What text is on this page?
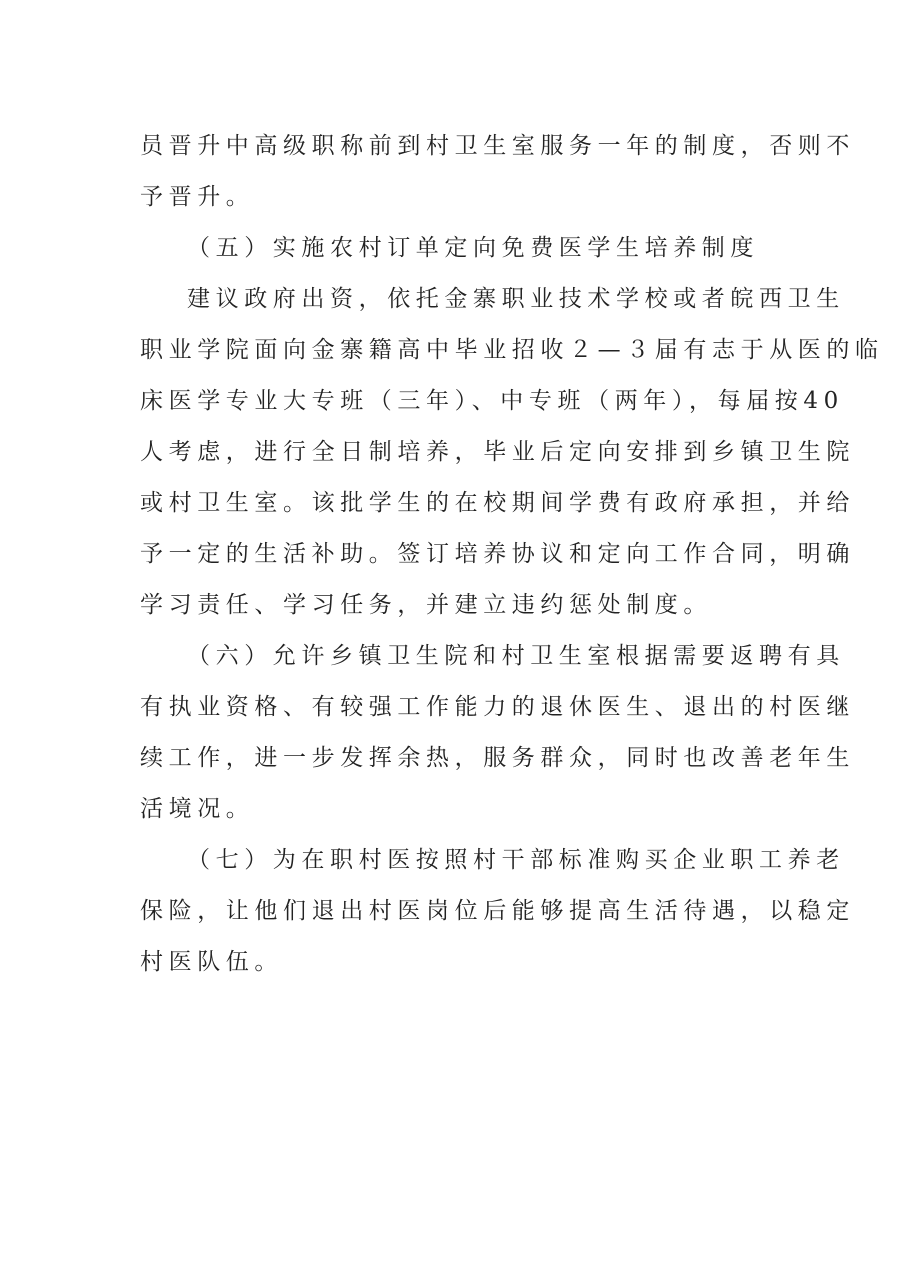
员晋升中高级职称前到村卫生室服务一年的制度，否则不
予晋升。
（五）实施农村订单定向免费医学生培养制度
建议政府出资，依托金寨职业技术学校或者皖西卫生
职业学院面向金寨籍高中毕业招收２—３届有志于从医的临
床医学专业大专班（三年）、中专班（两年），每届按40
人考虑，进行全日制培养，毕业后定向安排到乡镇卫生院
或村卫生室。该批学生的在校期间学费有政府承担，并给
予一定的生活补助。签订培养协议和定向工作合同，明确
学习责任、学习任务，并建立违约惩处制度。
（六）允许乡镇卫生院和村卫生室根据需要返聘有具
有执业资格、有较强工作能力的退休医生、退出的村医继
续工作，进一步发挥余热，服务群众，同时也改善老年生
活境况。
（七）为在职村医按照村干部标准购买企业职工养老
保险，让他们退出村医岗位后能够提高生活待遇，以稳定
村医队伍。
